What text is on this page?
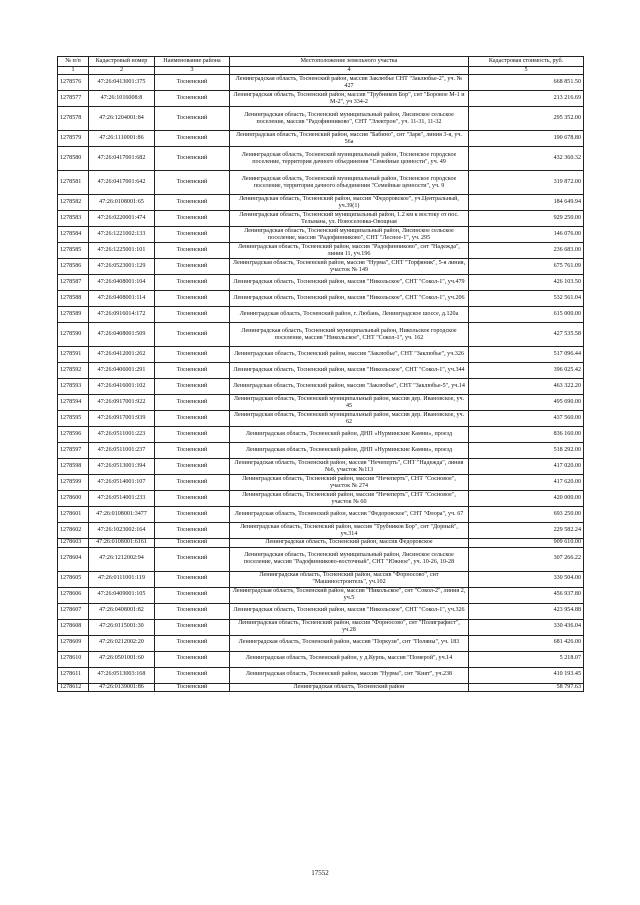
№ п/п	Кадастровый номер	Наименование района	Местоположение земельного участка	Кадастровая стоимость, руб.
1	2	3	4	5
1278576	47:26:0413001:375	Тосненский	Ленинградская область, Тосненский район, массив Заклюбье СНТ "Заклюбье-2", уч. № 427	668 851.50
1278577	47:26:1016008:8	Тосненский	Ленинградская область, Тосненский район, массив "Трубников Бор", снт "Боровое М-1 и М-2", уч 334-2	213 216.69
1278578	47:26:1204001:84	Тосненский	Ленинградская область, Тосненский муниципальный район, Лисинское сельское поселение, массив "Радофинниково", СНТ "Электрон", уч. 11-31, 11-32	295 352.00
1278579	47:26:1110001:86	Тосненский	Ленинградская область, Тосненский район, массив "Бабино", снт "Заря", линия 3-я, уч. 56а	190 678.80
1278580	47:26:0417001:682	Тосненский	Ленинградская область, Тосненский муниципальный район, Тосненское городское поселение, территория дачного объединения "Семейные ценности", уч. 49	432 360.32
1278581	47:26:0417001:642	Тосненский	Ленинградская область, Тосненский муниципальный район, Тосненское городское поселение, территория дачного объединения "Семейные ценности", уч. 9	319 872.00
1278582	47:26:0108001:65	Тосненский	Ленинградская область, Тосненский район, массив "Федоровское", уч.Центральный, уч.39(1)	184 649.94
1278583	47:26:0220001:474	Тосненский	Ленинградская область, Тосненский муниципальный район, 1.2 км к востоку от пос. Тельмана, ул. Новоселовка-Овощная	929 250.00
1278584	47:26:1221002:133	Тосненский	Ленинградская область, Тосненский муниципальный район, Лисинское сельское поселение, массив "Радофинниково", СНТ "Лесное-1", уч. 295	146 076.00
1278585	47:26:1225001:101	Тосненский	Ленинградская область, Тосненский район, массив "Радофинниково", снт "Надежда", линия 11, уч.196	236 683.00
1278586	47:26:0523001:129	Тосненский	Ленинградская область, Тосненский район, массив "Нурма", СНТ "Торфяник", 5-я линия, участок № 149	675 761.09
1278587	47:26:0408001:104	Тосненский	Ленинградская область, Тосненский район, массив "Никольское", СНТ "Сокол-1", уч.479	426 103.50
1278588	47:26:0408001:114	Тосненский	Ленинградская область, Тосненский район, массив "Никольское", СНТ "Сокол-1", уч.206	532 561.04
1278589	47:26:0916014:172	Тосненский	Ленинградская область, Тосненский район, г. Любань, Ленинградское шоссе, д.120а	615 000.00
1278590	47:26:0408001:509	Тосненский	Ленинградская область, Тосненский муниципальный район, Никольское городское поселение, массив "Никольское", СНТ "Сокол-1", уч. 162	427 535.58
1278591	47:26:0412001:262	Тосненский	Ленинградская область, Тосненский район, массив "Заклюбье", СНТ "Заклюбье", уч.326	517 096.44
1278592	47:26:0406001:291	Тосненский	Ленинградская область, Тосненский район, массив "Никольское", СНТ "Сокол-1", уч.344	396 025.42
1278593	47:26:0416001:102	Тосненский	Ленинградская область, Тосненский район, массив "Заклюбье", СНТ "Заклюбье-5", уч.14	463 322.20
1278594	47:26:0917001:922	Тосненский	Ленинградская область, Тосненский муниципальный район, массив дер. Ивановское, уч. 45	495 690.00
1278595	47:26:0917001:939	Тосненский	Ленинградская область, Тосненский муниципальный район, массив дер. Ивановское, уч. 62	437 560.00
1278596	47:26:0511001:223	Тосненский	Ленинградская область, Тосненский район, ДНП «Нурминские Камни», проезд	836 160.00
1278597	47:26:0511001:237	Тосненский	Ленинградская область, Тосненский район, ДНП «Нурминские Камни», проезд	518 292.00
1278598	47:26:0513001:394	Тосненский	Ленинградская область, Тосненский район, массив "Нечеперть", СНТ "Надежда", линия №6, участок №113	417 020.00
1278599	47:26:0514001:107	Тосненский	Ленинградская область, Тосненский район, массив "Нечеперть", СНТ "Сосновое", участок № 274	417 620.00
1278600	47:26:0514001:233	Тосненский	Ленинградская область, Тосненский район, массив "Нечеперть", СНТ "Сосновое", участок № 60	420 000.00
1278601	47:26:0108001:3477	Тосненский	Ленинградская область, Тосненский район, массив "Федоровское", СНТ "Флора", уч. 67	693 250.00
1278602	47:26:1023002:164	Тосненский	Ленинградская область, Тосненский район, массив "Трубников Бор", снт "Дорный", уч.314	229 582.24
1278603	47:26:0108001:6161	Тосненский	Ленинградская область, Тосненский район, массив Федоровское	909 610.00
1278604	47:26:1212002:94	Тосненский	Ленинградская область, Тосненский муниципальный район, Лисинское сельское поселение, массив "Радофинниково-восточный", СНТ "Южное", уч. 10-26, 10-28	307 266.22
1278605	47:26:0111001:119	Тосненский	Ленинградская область, Тосненский район, массив "Форносово", снт "Машиностроитель", уч.102	330 504.00
1278606	47:26:0409001:105	Тосненский	Ленинградская область, Тосненский район, массив "Никольское", снт "Сокол-2", линия 2, уч.5	456 937.80
1278607	47:26:0408001:82	Тосненский	Ленинградская область, Тосненский район, массив "Никольское", СНТ "Сокол-1", уч.326	423 954.88
1278608	47:26:0115001:30	Тосненский	Ленинградская область, Тосненский район, массив "Форносово", снт "Полиграфист", уч.28	330 436.04
1278609	47:26:0212002:20	Тосненский	Ленинградская область, Тосненский район, массив "Поркузи", снт "Поляны", уч. 183	681 426.00
1278610	47:26:0501001:60	Тосненский	Ленинградская область, Тосненский район, у д.Курпь, массив "Померой", уч.14	5 218.07
1278611	47:26:0513003:168	Тосненский	Ленинградская область, Тосненский район, массив "Нурма", снт "Кият", уч.238	410 193.45
1278612	47:26:0139001:86	Тосненский	Ленинградская область, Тосненский район	58 797.63
17552
